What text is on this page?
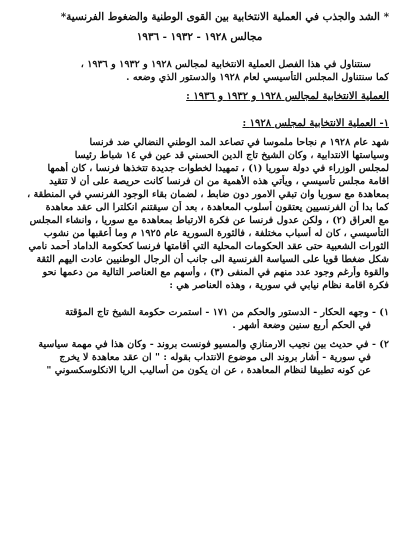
* الشد والجذب في العملية الانتخابية بين القوى الوطنية والضغوط الفرنسية*

مجالس ١٩٢٨ - ١٩٣٢ - ١٩٣٦

سنتناول في هذا الفصل العملية الانتخابية لمجالس ١٩٢٨ و ١٩٣٢ و ١٩٣٦ ،

كما سنتناول المجلس التأسيسي لعام ١٩٢٨ والدستور الذي وضعه .

العملية الانتخابية لمجالس ١٩٢٨ و ١٩٣٢ و ١٩٣٦ :

١- العملية الانتخابية لمجلس ١٩٢٨ :

شهد عام ١٩٢٨ م نجاحا ملموسا في تصاعد المد الوطني النضالي ضد فرنسا

وسياستها الانتدابية ، وكان الشيخ تاج الدين الحسني قد عين في ١٤ شباط رئيسا

لمجلس الوزراء في دولة سوريا (١) ، تمهيدا لخطوات جديدة تتخذها فرنسا ، كان أهمها

اقامة مجلس تأسيسي ، ويأتي هذه الأهمية من ان فرنسا كانت حريصة على أن لا تتقيد

بمعاهدة مع سوريا وان تبقي الامور دون ضابط ، لضمان بقاء الوجود الفرنسي في المنطقة ،

كما بدا أن الفرنسيين يعتقون أسلوب المعاهدة ، بعد أن سيقتنم انكلترا الى عقد معاهدة

مع العراق (٢) ، ولكن عدول فرنسا عن فكرة الارتباط بمعاهدة مع سوريا ، وانشاء المجلس

التأسيسي ، كان له أسباب مختلفة ، فالثورة السورية عام ١٩٢٥ م وما أعقبها من نشوب

الثورات الشعبية حتى عقد الحكومات المحلية التي أقامتها فرنسا كحكومة الداماد أحمد نامي

شكل ضغطا قويا على السياسة الفرنسية الى جانب أن الرجال الوطنيين عادت اليهم الثقة

والقوة وأرغم وجود عدد منهم في المنفى (٣) ، وأسهم مع العناصر التالية من دعمها نحو

فكرة اقامة نظام نيابي في سورية ، وهذه العناصر هي :

١) - وجهه الحكار - الدستور والحكم من ١٧١ - استمرت حكومة الشيخ تاج المؤقتة

في الحكم أربع سنين وضعة أشهر .

٢) - في حديث بين نجيب الارمنازي والمسيو فونست بروند - وكان هذا في مهمة سياسية

في سورية - أشار بروند الى موضوع الانتداب بقوله : " ان عقد معاهدة لا يخرج

عن كونه تطبيقا لنظام المعاهدة ، عن ان يكون من أساليب الريا الانكلوسكسوني "
